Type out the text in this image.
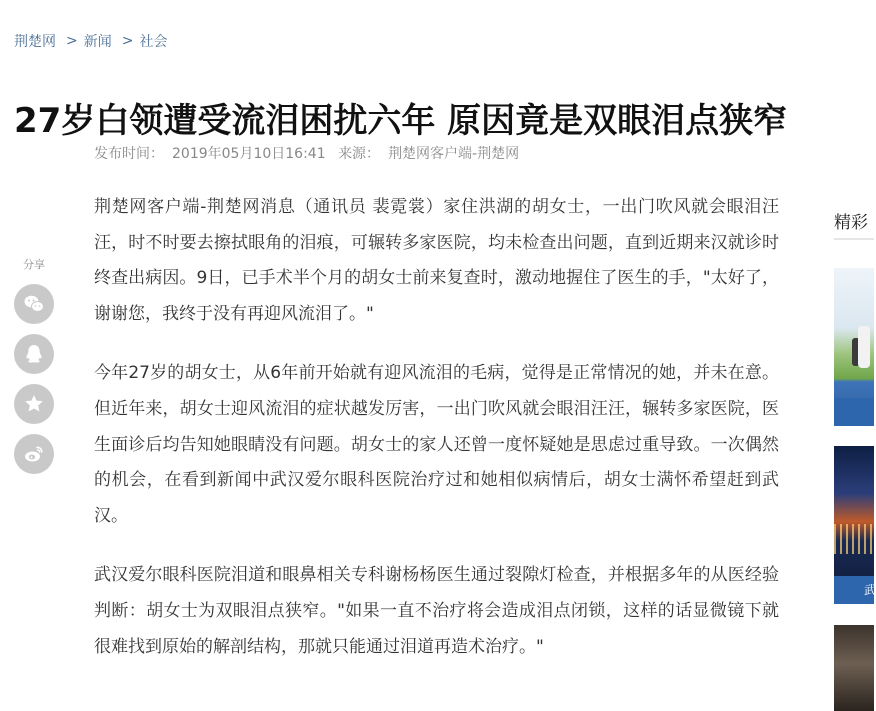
荆楚网 > 新闻 > 社会
27岁白领遭受流泪困扰六年 原因竟是双眼泪点狭窄
发布时间： 2019年05月10日16:41 来源： 荆楚网客户端-荆楚网
分享

荆楚网客户端-荆楚网消息（通讯员 裴霓裳）家住洪湖的胡女士，一出门吹风就会眼泪汪汪，时不时要去擦拭眼角的泪痕，可辗转多家医院，均未检查出问题，直到近期来汉就诊时终查出病因。9日，已手术半个月的胡女士前来复查时，激动地握住了医生的手，"太好了，谢谢您，我终于没有再迎风流泪了。"

今年27岁的胡女士，从6年前开始就有迎风流泪的毛病，觉得是正常情况的她，并未在意。但近年来，胡女士迎风流泪的症状越发厉害，一出门吹风就会眼泪汪汪，辗转多家医院，医生面诊后均告知她眼睛没有问题。胡女士的家人还曾一度怀疑她是思虑过重导致。一次偶然的机会，在看到新闻中武汉爱尔眼科医院治疗过和她相似病情后，胡女士满怀希望赶到武汉。

武汉爱尔眼科医院泪道和眼鼻相关专科谢杨杨医生通过裂隙灯检查，并根据多年的从医经验判断：胡女士为双眼泪点狭窄。"如果一直不治疗将会造成泪点闭锁，这样的话显微镜下就很难找到原始的解剖结构，那就只能通过泪道再造术治疗。"

精彩
武
